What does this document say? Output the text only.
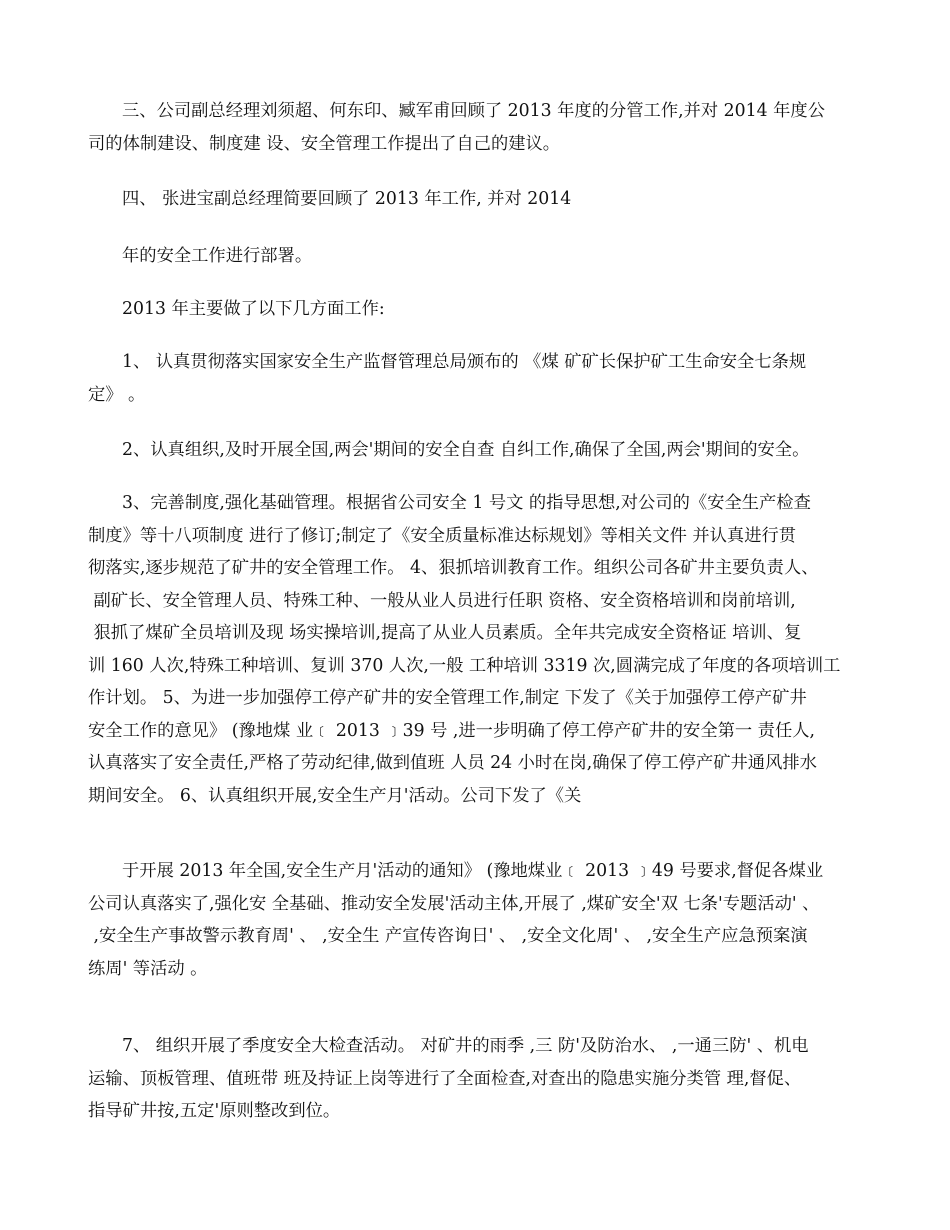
三、公司副总经理刘须超、何东印、臧军甫回顾了 2013 年度的分管工作,并对 2014 年度公
司的体制建设、制度建 设、安全管理工作提出了自己的建议。
四、 张进宝副总经理简要回顾了 2013 年工作, 并对 2014
年的安全工作进行部署。
2013 年主要做了以下几方面工作:
1、 认真贯彻落实国家安全生产监督管理总局颁布的 《煤 矿矿长保护矿工生命安全七条规
定》 。
2、认真组织,及时开展全国,两会'期间的安全自查 自纠工作,确保了全国,两会'期间的安全。
3、完善制度,强化基础管理。根据省公司安全 1 号文 的指导思想,对公司的《安全生产检查
制度》等十八项制度 进行了修订;制定了《安全质量标准达标规划》等相关文件 并认真进行贯
彻落实,逐步规范了矿井的安全管理工作。 4、狠抓培训教育工作。组织公司各矿井主要负责人、
副矿长、安全管理人员、特殊工种、一般从业人员进行任职 资格、安全资格培训和岗前培训,
狠抓了煤矿全员培训及现 场实操培训,提高了从业人员素质。全年共完成安全资格证 培训、复
训 160 人次,特殊工种培训、复训 370 人次,一般 工种培训 3319 次,圆满完成了年度的各项培训工
作计划。 5、为进一步加强停工停产矿井的安全管理工作,制定 下发了《关于加强停工停产矿井
安全工作的意见》 (豫地煤 业﹝ 2013 ﹞39 号 ,进一步明确了停工停产矿井的安全第一 责任人,
认真落实了安全责任,严格了劳动纪律,做到值班 人员 24 小时在岗,确保了停工停产矿井通风排水
期间安全。 6、认真组织开展,安全生产月'活动。公司下发了《关
于开展 2013 年全国,安全生产月'活动的通知》 (豫地煤业﹝ 2013 ﹞49 号要求,督促各煤业
公司认真落实了,强化安 全基础、推动安全发展'活动主体,开展了 ,煤矿安全'双 七条'专题活动' 、
,安全生产事故警示教育周' 、 ,安全生 产宣传咨询日' 、 ,安全文化周' 、 ,安全生产应急预案演
练周' 等活动 。
7、 组织开展了季度安全大检查活动。 对矿井的雨季 ,三 防'及防治水、 ,一通三防' 、机电
运输、顶板管理、值班带 班及持证上岗等进行了全面检查,对查出的隐患实施分类管 理,督促、
指导矿井按,五定'原则整改到位。
